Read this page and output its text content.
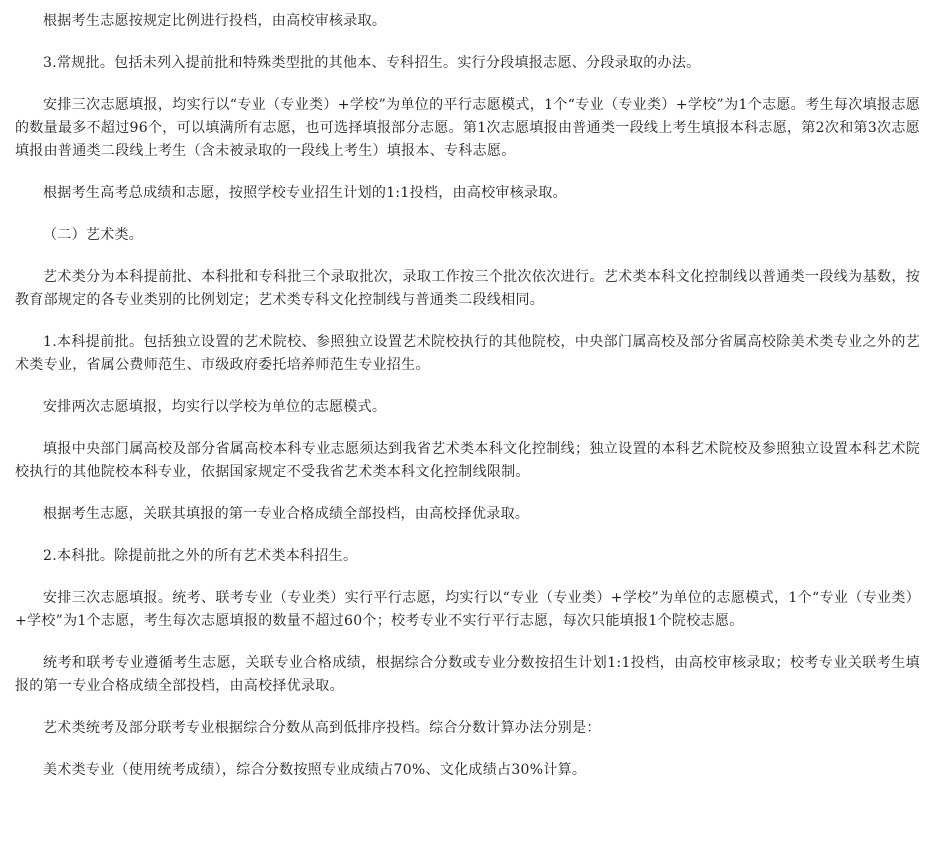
根据考生志愿按规定比例进行投档，由高校审核录取。

3.常规批。包括未列入提前批和特殊类型批的其他本、专科招生。实行分段填报志愿、分段录取的办法。

安排三次志愿填报，均实行以“专业（专业类）+学校”为单位的平行志愿模式，1个“专业（专业类）+学校”为1个志愿。考生每次填报志愿的数量最多不超过96个，可以填满所有志愿，也可选择填报部分志愿。第1次志愿填报由普通类一段线上考生填报本科志愿，第2次和第3次志愿填报由普通类二段线上考生（含未被录取的一段线上考生）填报本、专科志愿。

根据考生高考总成绩和志愿，按照学校专业招生计划的1:1投档，由高校审核录取。

（二）艺术类。

艺术类分为本科提前批、本科批和专科批三个录取批次，录取工作按三个批次依次进行。艺术类本科文化控制线以普通类一段线为基数，按教育部规定的各专业类别的比例划定；艺术类专科文化控制线与普通类二段线相同。

1.本科提前批。包括独立设置的艺术院校、参照独立设置艺术院校执行的其他院校，中央部门属高校及部分省属高校除美术类专业之外的艺术类专业，省属公费师范生、市级政府委托培养师范生专业招生。

安排两次志愿填报，均实行以学校为单位的志愿模式。

填报中央部门属高校及部分省属高校本科专业志愿须达到我省艺术类本科文化控制线；独立设置的本科艺术院校及参照独立设置本科艺术院校执行的其他院校本科专业，依据国家规定不受我省艺术类本科文化控制线限制。

根据考生志愿，关联其填报的第一专业合格成绩全部投档，由高校择优录取。

2.本科批。除提前批之外的所有艺术类本科招生。

安排三次志愿填报。统考、联考专业（专业类）实行平行志愿，均实行以“专业（专业类）+学校”为单位的志愿模式，1个“专业（专业类）+学校”为1个志愿，考生每次志愿填报的数量不超过60个；校考专业不实行平行志愿，每次只能填报1个院校志愿。

统考和联考专业遵循考生志愿，关联专业合格成绩，根据综合分数或专业分数按招生计划1:1投档，由高校审核录取；校考专业关联考生填报的第一专业合格成绩全部投档，由高校择优录取。

艺术类统考及部分联考专业根据综合分数从高到低排序投档。综合分数计算办法分别是：

美术类专业（使用统考成绩），综合分数按照专业成绩占70%、文化成绩占30%计算。
